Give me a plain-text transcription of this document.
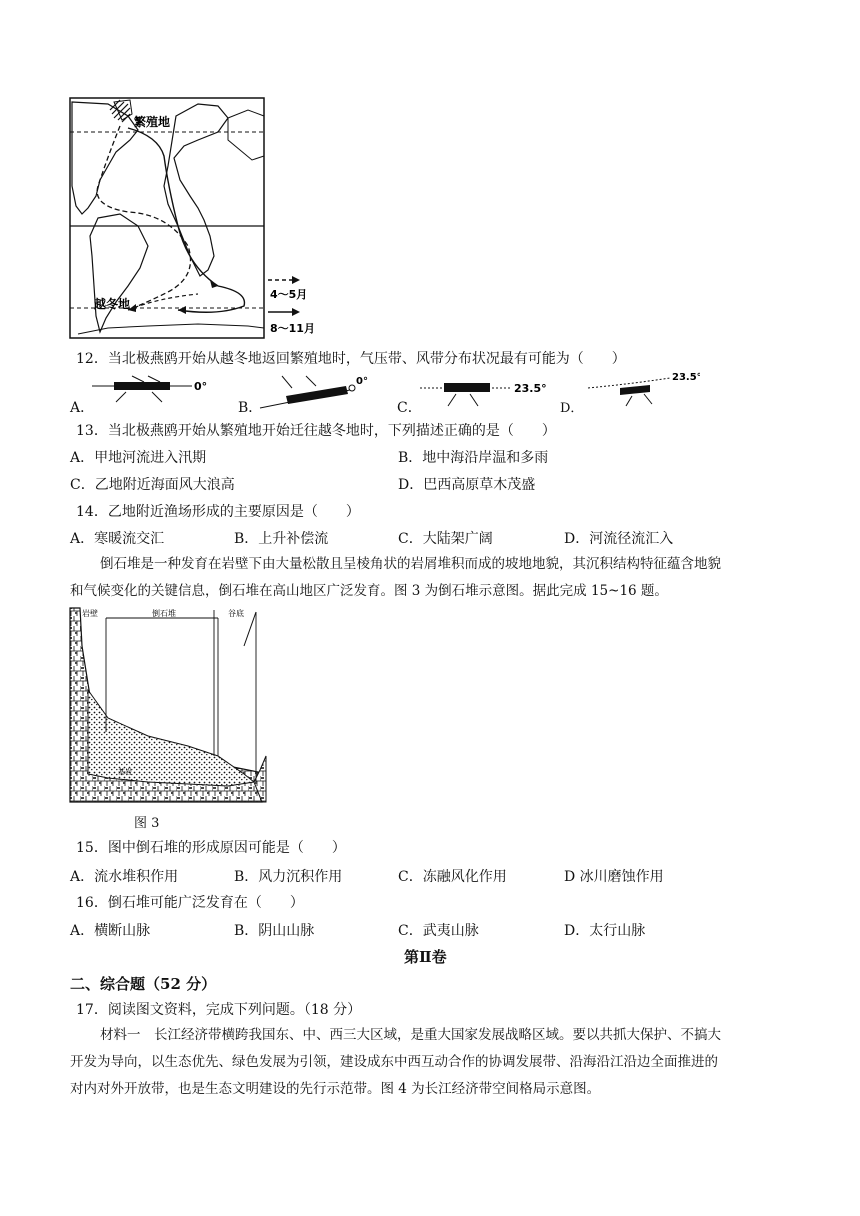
4～5月
8～11月
繁殖地
越冬地
12．当北极燕鸥开始从越冬地返回繁殖地时，气压带、风带分布状况最有可能为（　　）
A．
0°
B．
0°
C．
23.5°
D．
23.5°
13．当北极燕鸥开始从繁殖地开始迁往越冬地时，下列描述正确的是（　　）
A．甲地河流进入汛期	B．地中海沿岸温和多雨
C．乙地附近海面风大浪高	D．巴西高原草木茂盛
14．乙地附近渔场形成的主要原因是（　　）
A．寒暖流交汇	B．上升补偿流	C．大陆架广阔	D．河流径流汇入
倒石堆是一种发育在岩壁下由大量松散且呈棱角状的岩屑堆积而成的坡地地貌，其沉积结构特征蕴含地貌
和气候变化的关键信息，倒石堆在高山地区广泛发育。图 3 为倒石堆示意图。据此完成 15~16 题。
岩壁	倒石堆	谷底
基岩
图 3
15．图中倒石堆的形成原因可能是（　　）
A．流水堆积作用	B．风力沉积作用	C．冻融风化作用	D 冰川磨蚀作用
16．倒石堆可能广泛发育在（　　）
A．横断山脉	B．阴山山脉	C．武夷山脉	D．太行山脉
第Ⅱ卷
二、综合题（52 分）
17．阅读图文资料，完成下列问题。（18 分）
材料一　长江经济带横跨我国东、中、西三大区域，是重大国家发展战略区域。要以共抓大保护、不搞大
开发为导向，以生态优先、绿色发展为引领，建设成东中西互动合作的协调发展带、沿海沿江沿边全面推进的
对内对外开放带，也是生态文明建设的先行示范带。图 4 为长江经济带空间格局示意图。
